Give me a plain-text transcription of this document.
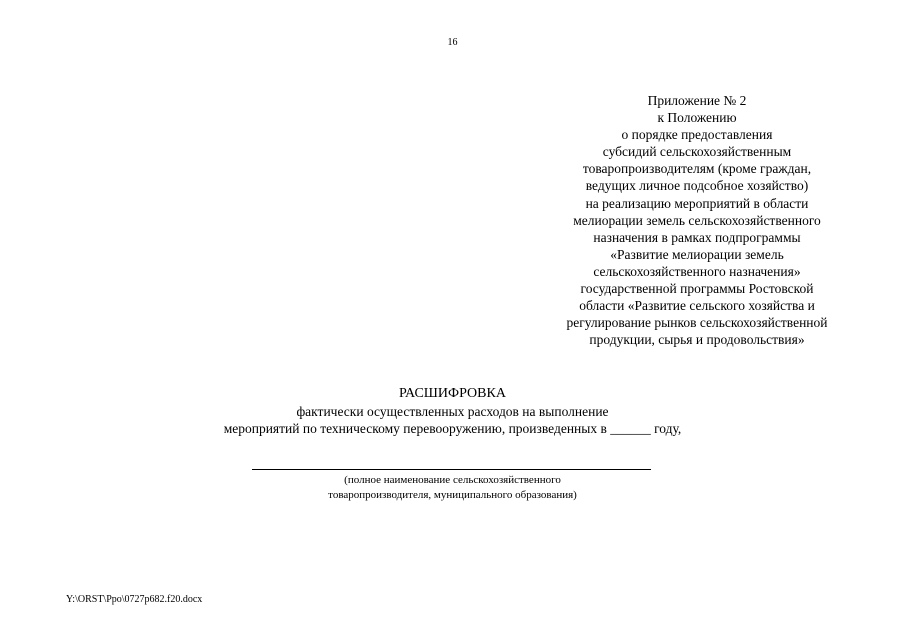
16
Приложение № 2
к Положению
о порядке предоставления
субсидий сельскохозяйственным
товаропроизводителям (кроме граждан,
ведущих личное подсобное хозяйство)
на реализацию мероприятий в области
мелиорации земель сельскохозяйственного
назначения в рамках подпрограммы
«Развитие мелиорации земель
сельскохозяйственного назначения»
государственной программы Ростовской
области «Развитие сельского хозяйства и
регулирование рынков сельскохозяйственной
продукции, сырья и продовольствия»
РАСШИФРОВКА
фактически осуществленных расходов на выполнение
мероприятий по техническому перевооружению, произведенных в ______ году,
(полное наименование сельскохозяйственного
товаропроизводителя, муниципального образования)
Y:\ORST\Ppo\0727p682.f20.docx
